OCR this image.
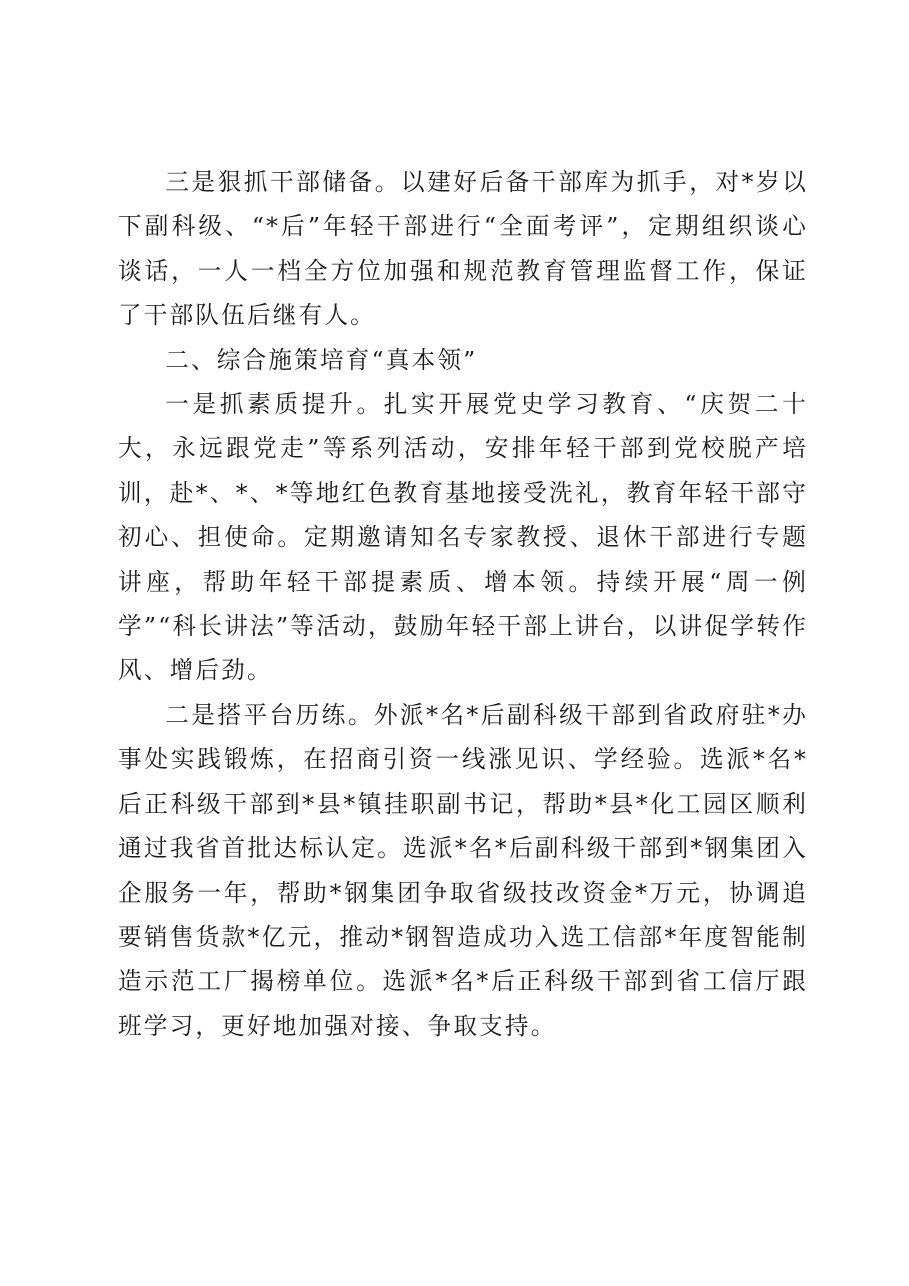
三是狠抓干部储备。以建好后备干部库为抓手，对*岁以下副科级、“*后”年轻干部进行“全面考评”，定期组织谈心谈话，一人一档全方位加强和规范教育管理监督工作，保证了干部队伍后继有人。

二、综合施策培育“真本领”

一是抓素质提升。扎实开展党史学习教育、“庆贺二十大，永远跟党走”等系列活动，安排年轻干部到党校脱产培训，赴*、*、*等地红色教育基地接受洗礼，教育年轻干部守初心、担使命。定期邀请知名专家教授、退休干部进行专题讲座，帮助年轻干部提素质、增本领。持续开展“周一例学”“科长讲法”等活动，鼓励年轻干部上讲台，以讲促学转作风、增后劲。

二是搭平台历练。外派*名*后副科级干部到省政府驻*办事处实践锻炼，在招商引资一线涨见识、学经验。选派*名*后正科级干部到*县*镇挂职副书记，帮助*县*化工园区顺利通过我省首批达标认定。选派*名*后副科级干部到*钢集团入企服务一年，帮助*钢集团争取省级技改资金*万元，协调追要销售货款*亿元，推动*钢智造成功入选工信部*年度智能制造示范工厂揭榜单位。选派*名*后正科级干部到省工信厅跟班学习，更好地加强对接、争取支持。
